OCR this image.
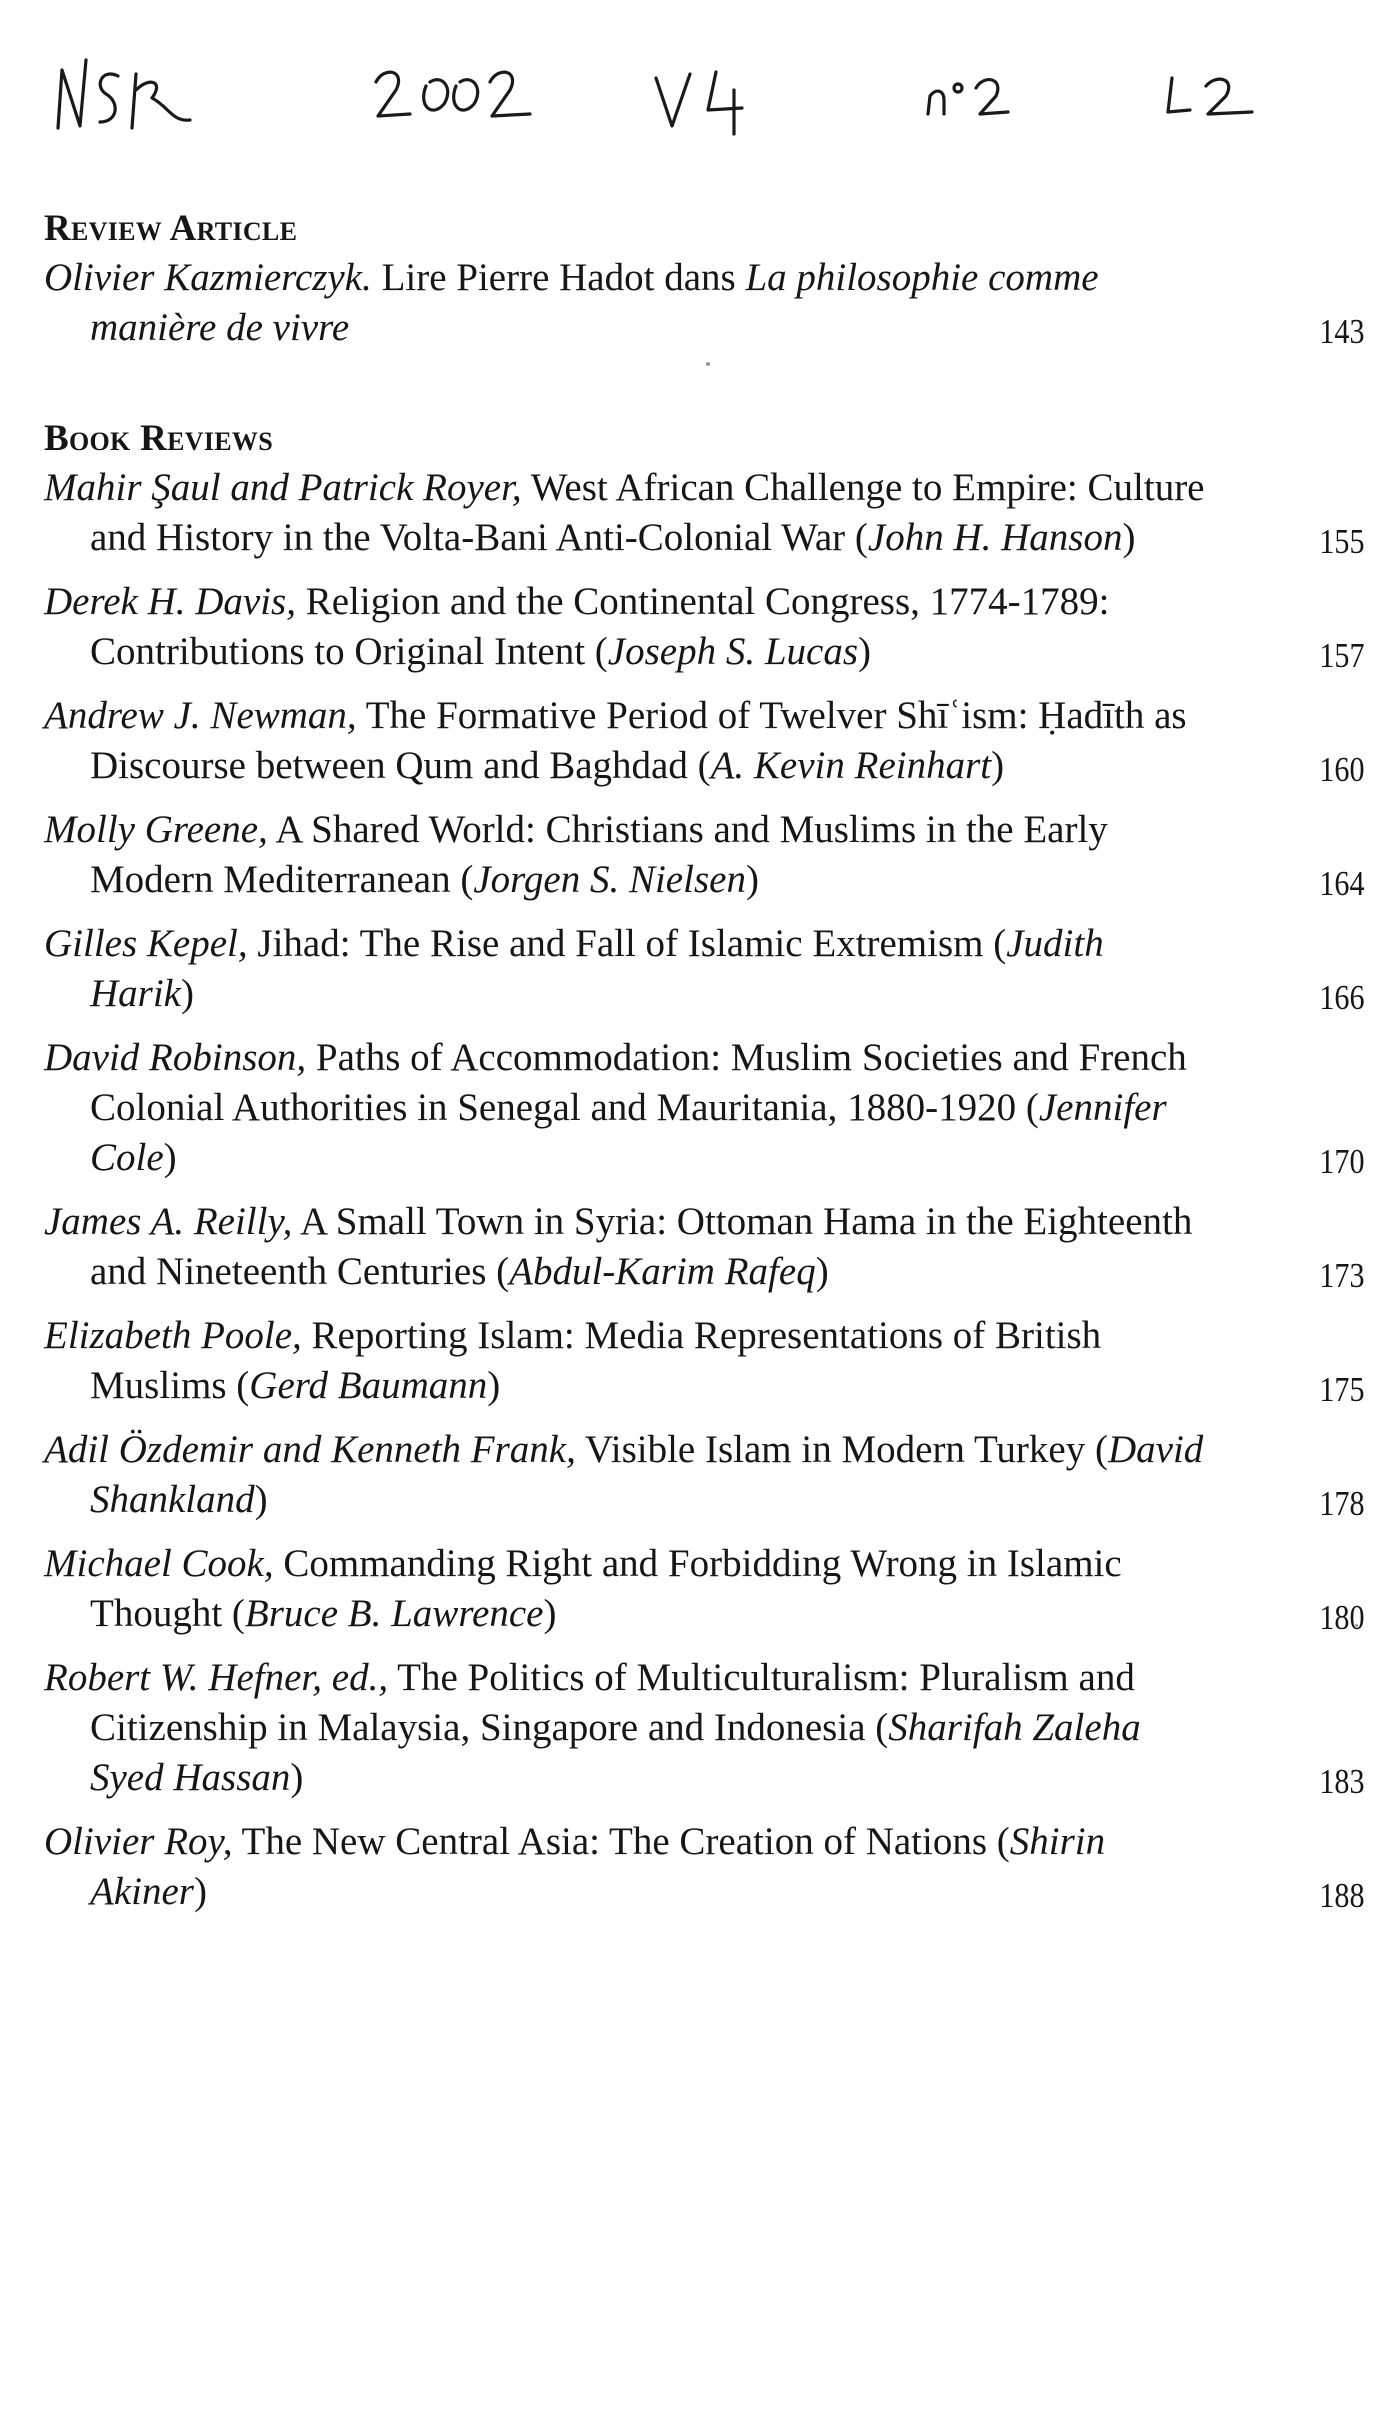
Review Article
Olivier Kazmierczyk. Lire Pierre Hadot dans La philosophie comme manière de vivre	143
Book Reviews
Mahir Şaul and Patrick Royer, West African Challenge to Empire: Culture and History in the Volta-Bani Anti-Colonial War (John H. Hanson)	155
Derek H. Davis, Religion and the Continental Congress, 1774-1789: Contributions to Original Intent (Joseph S. Lucas)	157
Andrew J. Newman, The Formative Period of Twelver Shīʿism: Ḥadīth as Discourse between Qum and Baghdad (A. Kevin Reinhart)	160
Molly Greene, A Shared World: Christians and Muslims in the Early Modern Mediterranean (Jorgen S. Nielsen)	164
Gilles Kepel, Jihad: The Rise and Fall of Islamic Extremism (Judith Harik)	166
David Robinson, Paths of Accommodation: Muslim Societies and French Colonial Authorities in Senegal and Mauritania, 1880-1920 (Jennifer Cole)	170
James A. Reilly, A Small Town in Syria: Ottoman Hama in the Eighteenth and Nineteenth Centuries (Abdul-Karim Rafeq)	173
Elizabeth Poole, Reporting Islam: Media Representations of British Muslims (Gerd Baumann)	175
Adil Özdemir and Kenneth Frank, Visible Islam in Modern Turkey (David Shankland)	178
Michael Cook, Commanding Right and Forbidding Wrong in Islamic Thought (Bruce B. Lawrence)	180
Robert W. Hefner, ed., The Politics of Multiculturalism: Pluralism and Citizenship in Malaysia, Singapore and Indonesia (Sharifah Zaleha Syed Hassan)	183
Olivier Roy, The New Central Asia: The Creation of Nations (Shirin Akiner)	188
